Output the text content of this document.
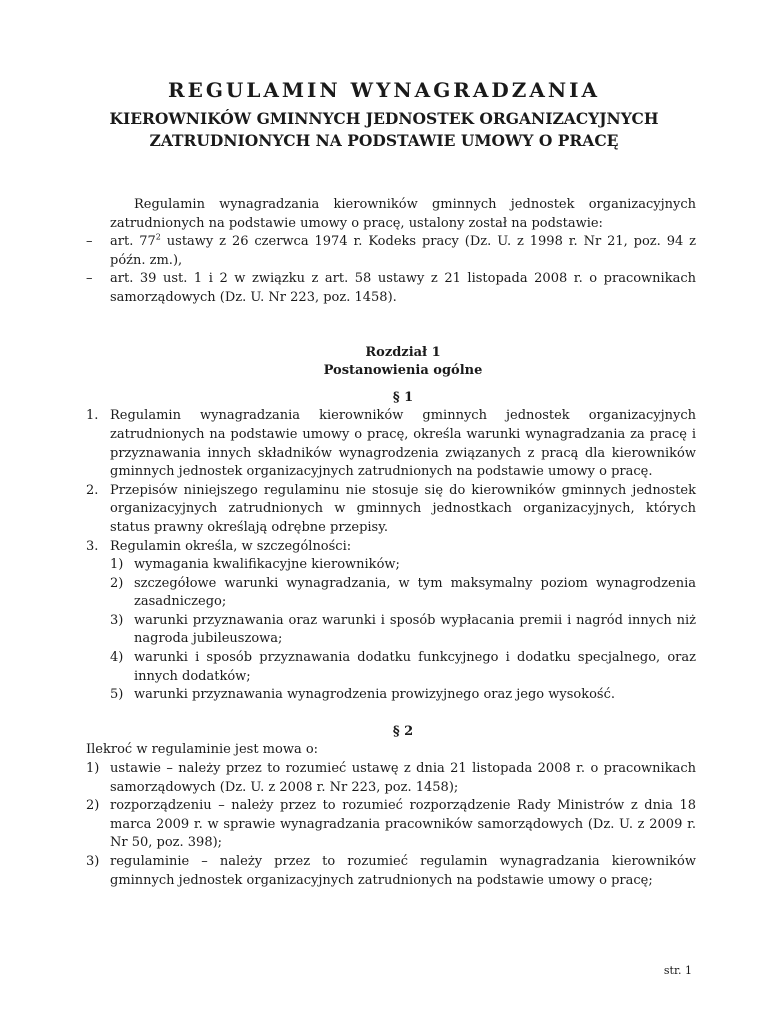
REGULAMIN WYNAGRADZANIA
KIEROWNIKÓW GMINNYCH JEDNOSTEK ORGANIZACYJNYCH
ZATRUDNIONYCH NA PODSTAWIE UMOWY O PRACĘ

Regulamin wynagradzania kierowników gminnych jednostek organizacyjnych zatrudnionych na podstawie umowy o pracę, ustalony został na podstawie:

– art. $77^2$ ustawy z 26 czerwca 1974 r. Kodeks pracy (Dz. U. z 1998 r. Nr 21, poz. 94 z późn. zm.),
– art. 39 ust. 1 i 2 w związku z art. 58 ustawy z 21 listopada 2008 r. o pracownikach samorządowych (Dz. U. Nr 223, poz. 1458).

Rozdział 1

Postanowienia ogólne

§ 1

1. Regulamin wynagradzania kierowników gminnych jednostek organizacyjnych zatrudnionych na podstawie umowy o pracę, określa warunki wynagradzania za pracę i przyznawania innych składników wynagrodzenia związanych z pracą dla kierowników gminnych jednostek organizacyjnych zatrudnionych na podstawie umowy o pracę.
2. Przepisów niniejszego regulaminu nie stosuje się do kierowników gminnych jednostek organizacyjnych zatrudnionych w gminnych jednostkach organizacyjnych, których status prawny określają odrębne przepisy.
3. Regulamin określa, w szczególności:
1) wymagania kwalifikacyjne kierowników;
2) szczegółowe warunki wynagradzania, w tym maksymalny poziom wynagrodzenia zasadniczego;
3) warunki przyznawania oraz warunki i sposób wypłacania premii i nagród innych niż nagroda jubileuszowa;
4) warunki i sposób przyznawania dodatku funkcyjnego i dodatku specjalnego, oraz innych dodatków;
5) warunki przyznawania wynagrodzenia prowizyjnego oraz jego wysokość.

§ 2

Ilekroć w regulaminie jest mowa o:

1) ustawie – należy przez to rozumieć ustawę z dnia 21 listopada 2008 r. o pracownikach samorządowych (Dz. U. z 2008 r. Nr 223, poz. 1458);
2) rozporządzeniu – należy przez to rozumieć rozporządzenie Rady Ministrów z dnia 18 marca 2009 r. w sprawie wynagradzania pracowników samorządowych (Dz. U. z 2009 r. Nr 50, poz. 398);
3) regulaminie – należy przez to rozumieć regulamin wynagradzania kierowników gminnych jednostek organizacyjnych zatrudnionych na podstawie umowy o pracę;
str. 1
